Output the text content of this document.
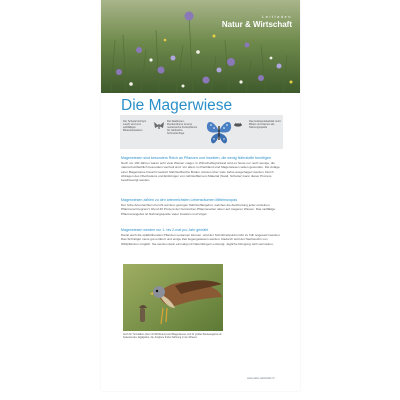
Leitfaden
Natur & Wirtschaft
Die Magerwiese
Der Schwarzschopf-Lauch wird vom sahlfälligen Blütenbestäuben
Die Skabiosen-Flockenblume ist eine nectarreiche Futterpflanze für zahlreiche Schmetterlinge
Das Hufeisenkleeblatt nutzt Blüten und Samen als Nahrungsquelle
Magerwiesen sind besonders Reich an Pflanzen und Insekten, die wenig Nährstoffe benötigen

Noch vor 100 Jahren waren sehr viele Wiesen mager. In Wirtschaftsgrünland sind es heute nur noch wenige, die naturschutzfachlich besonders wertvoll sind. Vor allem im Flachland sind Magerwiesen selten geworden. Die Anlage einer Magerwiese braucht Geduld. Nährstoffreiche Böden müssen über viele Jahre ausgehagert werden. Durch Abtragen des Oberbodens und Einbringen von nährstoffarmem Material (Sand, Schotter) kann dieser Prozess beschleunigt werden.

Magerwiesen zählen zu den artenreichsten Lebensräumen Mitteleuropas

Der hohe Artenreichtum beruht auf dem geringen Nährstoffangebot, welches die Ausbreitung jeder einzelnen Pflanzenart begrenzt. Rund 30 Prozent der heimischen Pflanzenarten leben auf mageren Wiesen. Das vielfältige Pflanzenangebot ist Nahrungsquelle vieler Insekten und Vögel.

Magerwiesen werden nur 1- bis 2-mal pro Jahr gemäht

Damit auch die spätblühenden Pflanzen versamen können, wird der Schnittzeitpunkt nicht zu früh angesetzt werden. Das Schnittgut muss gut entfernt und einige Zeit liegengelassen werden. Dadurch wird der Nachwuchs von Wildpflanzen möglich. Sie werden dann einmalig mit Naturdüngern entsorgt. Jegliche Düngung wird vermieden.

Auch für Turmfalken (hier mit Wühlmaus) sind Magerwiesen und ihr großes Beuteangebot ein bedeutendes Jagdgebiet, die Jungtiere finden Nahrung in den Wiesen.
www.natur-wirtschaft.ch
